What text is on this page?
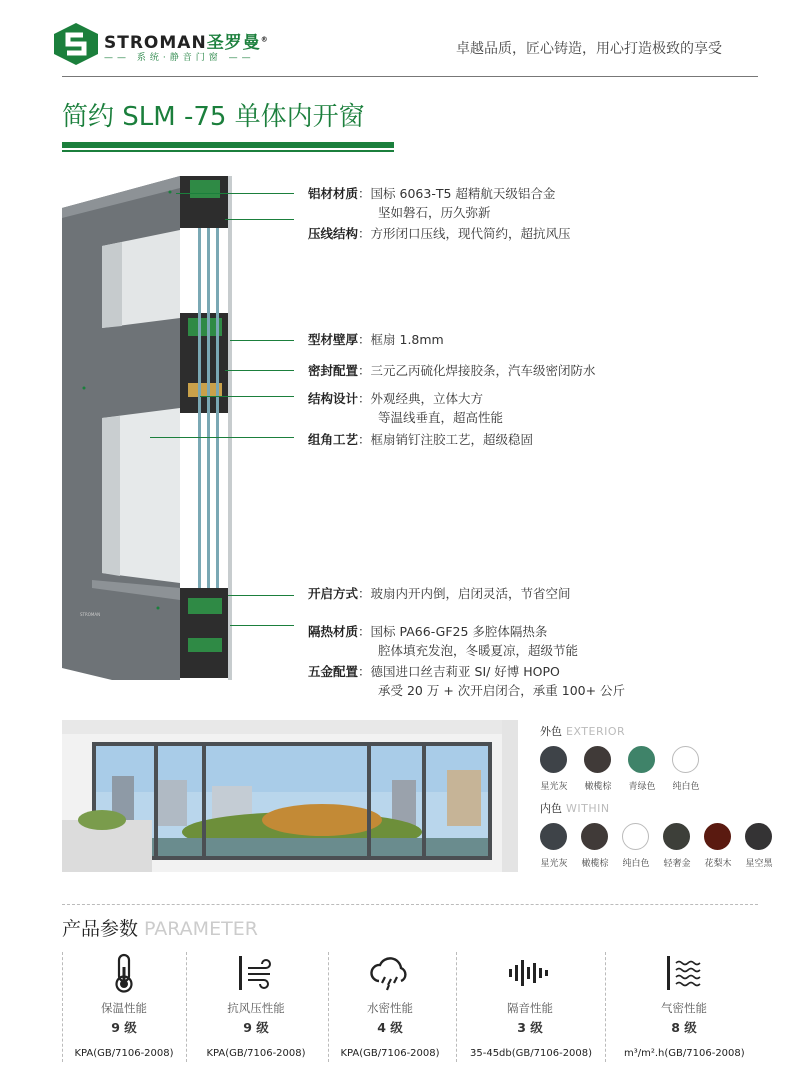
STROMAN圣罗曼®
—— 系统·静音门窗 ——
卓越品质，匠心铸造，用心打造极致的享受
简约 SLM -75 单体内开窗
STROMAN
铝材材质：国标 6063-T5 超精航天级铝合金
坚如磐石，历久弥新
压线结构：方形闭口压线，现代简约，超抗风压
型材壁厚：框扇 1.8mm
密封配置：三元乙丙硫化焊接胶条，汽车级密闭防水
结构设计：外观经典，立体大方
等温线垂直，超高性能
组角工艺：框扇销钉注胶工艺，超级稳固
开启方式：玻扇内开内倒，启闭灵活，节省空间
隔热材质：国标 PA66-GF25 多腔体隔热条
腔体填充发泡，冬暖夏凉，超级节能
五金配置：德国进口丝吉莉亚 SI/ 好博 HOPO
承受 20 万 + 次开启闭合，承重 100+ 公斤
外色 EXTERIOR
星光灰	橄榄棕	青绿色	纯白色
内色 WITHIN
星光灰	橄榄棕	纯白色	轻奢金	花梨木	星空黑
产品参数 PARAMETER
保温性能
9 级
KPA(GB/7106-2008)
抗风压性能
9 级
KPA(GB/7106-2008)
水密性能
4 级
KPA(GB/7106-2008)
隔音性能
3 级
35-45db(GB/7106-2008)
气密性能
8 级
m³/m².h(GB/7106-2008)
